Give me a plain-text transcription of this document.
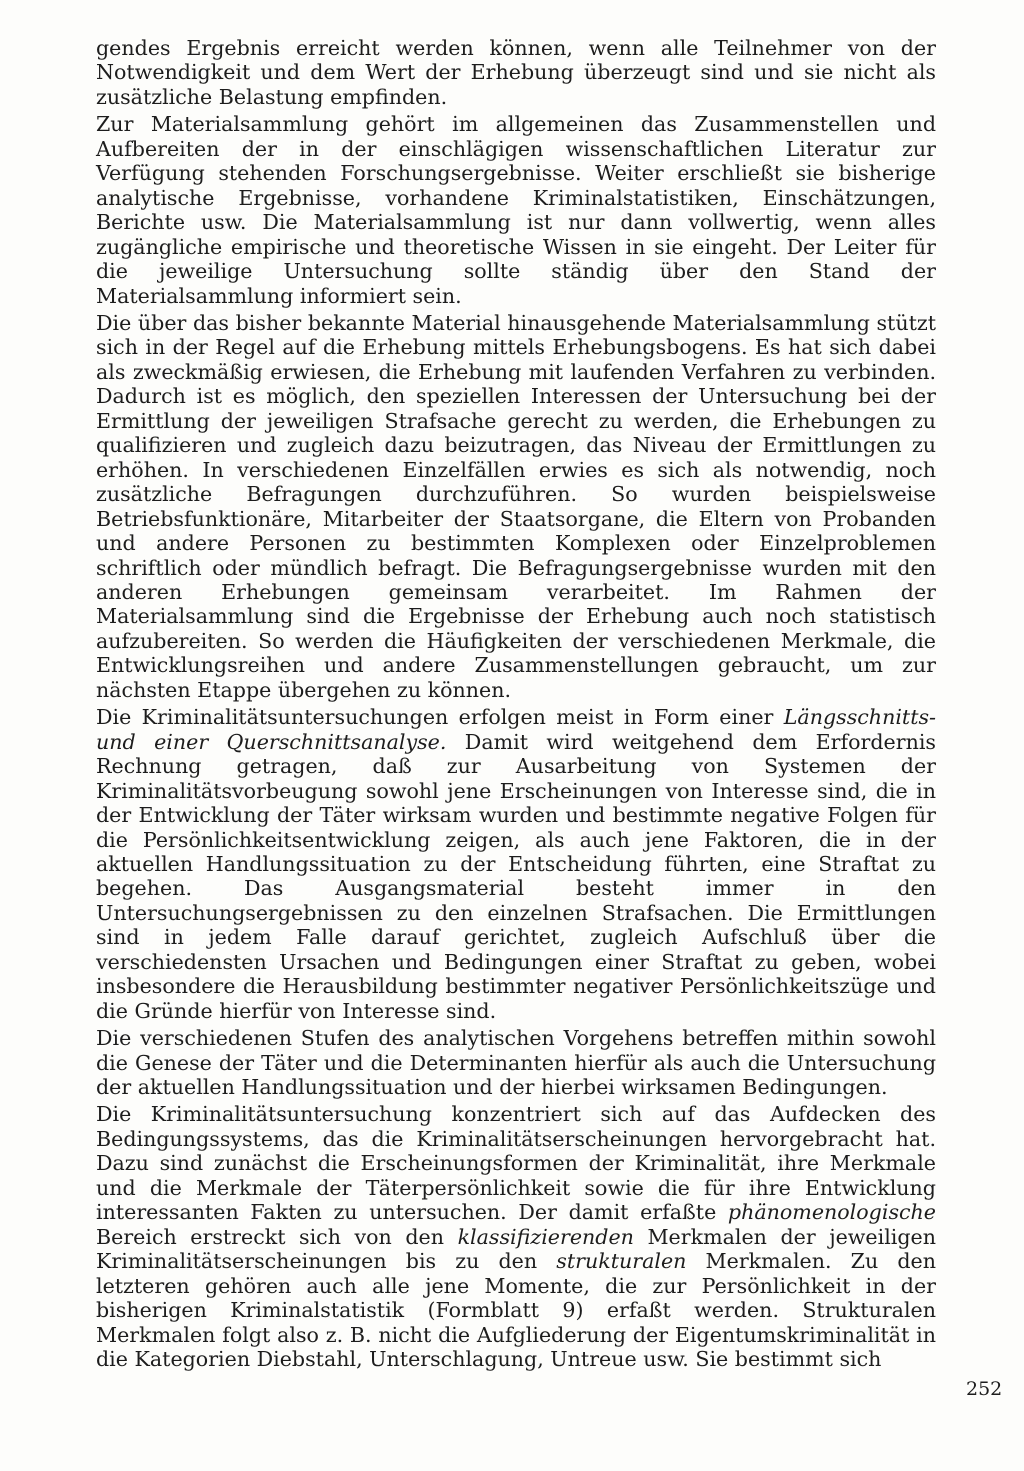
gendes Ergebnis erreicht werden können, wenn alle Teilnehmer von der Notwendigkeit und dem Wert der Erhebung überzeugt sind und sie nicht als zusätzliche Belastung empfinden.

Zur Materialsammlung gehört im allgemeinen das Zusammenstellen und Aufbereiten der in der einschlägigen wissenschaftlichen Literatur zur Verfügung stehenden Forschungsergebnisse. Weiter erschließt sie bisherige analytische Ergebnisse, vorhandene Kriminalstatistiken, Einschätzungen, Berichte usw. Die Materialsammlung ist nur dann vollwertig, wenn alles zugängliche empirische und theoretische Wissen in sie eingeht. Der Leiter für die jeweilige Untersuchung sollte ständig über den Stand der Materialsammlung informiert sein.

Die über das bisher bekannte Material hinausgehende Materialsammlung stützt sich in der Regel auf die Erhebung mittels Erhebungsbogens. Es hat sich dabei als zweckmäßig erwiesen, die Erhebung mit laufenden Verfahren zu verbinden. Dadurch ist es möglich, den speziellen Interessen der Untersuchung bei der Ermittlung der jeweiligen Strafsache gerecht zu werden, die Erhebungen zu qualifizieren und zugleich dazu beizutragen, das Niveau der Ermittlungen zu erhöhen. In verschiedenen Einzelfällen erwies es sich als notwendig, noch zusätzliche Befragungen durchzuführen. So wurden beispielsweise Betriebsfunktionäre, Mitarbeiter der Staatsorgane, die Eltern von Probanden und andere Personen zu bestimmten Komplexen oder Einzelproblemen schriftlich oder mündlich befragt. Die Befragungsergebnisse wurden mit den anderen Erhebungen gemeinsam verarbeitet. Im Rahmen der Materialsammlung sind die Ergebnisse der Erhebung auch noch statistisch aufzubereiten. So werden die Häufigkeiten der verschiedenen Merkmale, die Entwicklungsreihen und andere Zusammenstellungen gebraucht, um zur nächsten Etappe übergehen zu können.

Die Kriminalitätsuntersuchungen erfolgen meist in Form einer Längsschnitts- und einer Querschnittsanalyse. Damit wird weitgehend dem Erfordernis Rechnung getragen, daß zur Ausarbeitung von Systemen der Kriminalitätsvorbeugung sowohl jene Erscheinungen von Interesse sind, die in der Entwicklung der Täter wirksam wurden und bestimmte negative Folgen für die Persönlichkeitsentwicklung zeigen, als auch jene Faktoren, die in der aktuellen Handlungssituation zu der Entscheidung führten, eine Straftat zu begehen. Das Ausgangsmaterial besteht immer in den Untersuchungsergebnissen zu den einzelnen Strafsachen. Die Ermittlungen sind in jedem Falle darauf gerichtet, zugleich Aufschluß über die verschiedensten Ursachen und Bedingungen einer Straftat zu geben, wobei insbesondere die Herausbildung bestimmter negativer Persönlichkeitszüge und die Gründe hierfür von Interesse sind.

Die verschiedenen Stufen des analytischen Vorgehens betreffen mithin sowohl die Genese der Täter und die Determinanten hierfür als auch die Untersuchung der aktuellen Handlungssituation und der hierbei wirksamen Bedingungen.

Die Kriminalitätsuntersuchung konzentriert sich auf das Aufdecken des Bedingungssystems, das die Kriminalitätserscheinungen hervorgebracht hat. Dazu sind zunächst die Erscheinungsformen der Kriminalität, ihre Merkmale und die Merkmale der Täterpersönlichkeit sowie die für ihre Entwicklung interessanten Fakten zu untersuchen. Der damit erfaßte phänomenologische Bereich erstreckt sich von den klassifizierenden Merkmalen der jeweiligen Kriminalitätserscheinungen bis zu den strukturalen Merkmalen. Zu den letzteren gehören auch alle jene Momente, die zur Persönlichkeit in der bisherigen Kriminalstatistik (Formblatt 9) erfaßt werden. Strukturalen Merkmalen folgt also z. B. nicht die Aufgliederung der Eigentumskriminalität in die Kategorien Diebstahl, Unterschlagung, Untreue usw. Sie bestimmt sich

252
